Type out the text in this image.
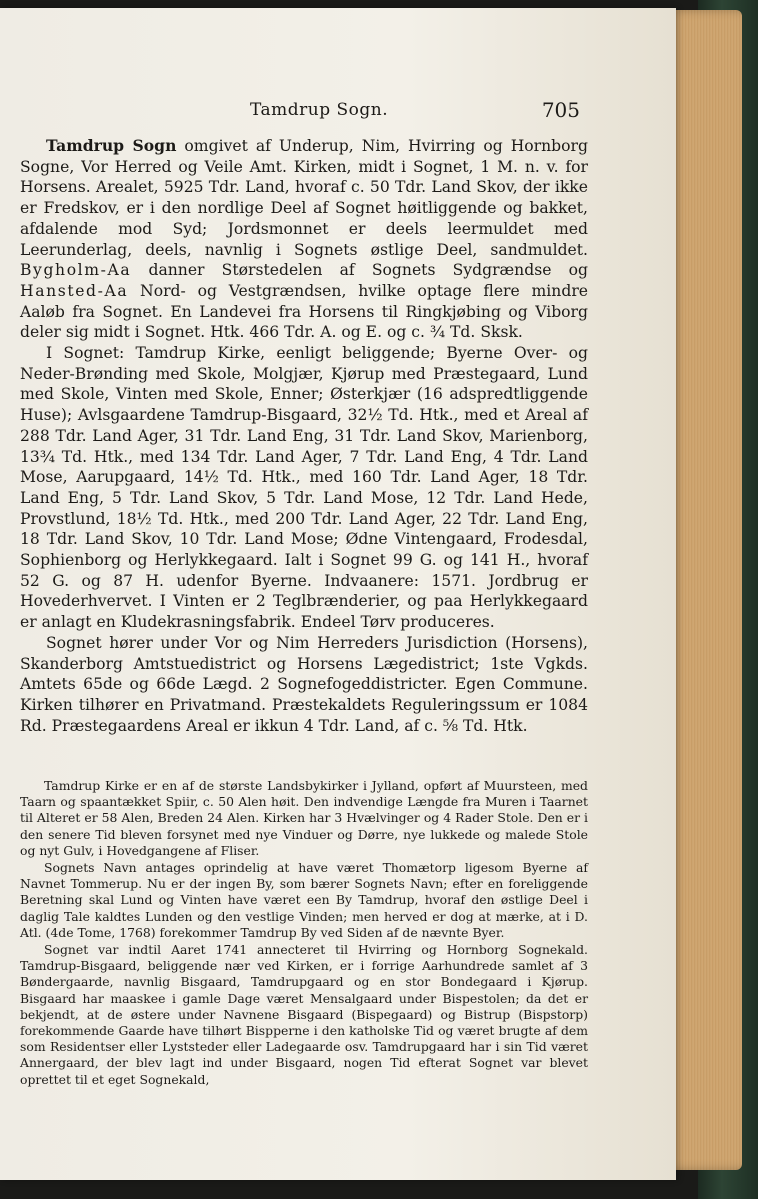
Tamdrup Sogn.	705

Tamdrup Sogn omgivet af Underup, Nim, Hvirring og Hornborg Sogne, Vor Herred og Veile Amt. Kirken, midt i Sognet, 1 M. n. v. for Horsens. Arealet, 5925 Tdr. Land, hvoraf c. 50 Tdr. Land Skov, der ikke er Fredskov, er i den nordlige Deel af Sognet høitliggende og bakket, afdalende mod Syd; Jordsmonnet er deels leermuldet med Leerunderlag, deels, navnlig i Sognets østlige Deel, sandmuldet. Bygholm-Aa danner Størstedelen af Sognets Sydgrændse og Hansted-Aa Nord- og Vestgrændsen, hvilke optage flere mindre Aaløb fra Sognet. En Landevei fra Horsens til Ringkjøbing og Viborg deler sig midt i Sognet. Htk. 466 Tdr. A. og E. og c. ¾ Td. Sksk.

I Sognet: Tamdrup Kirke, eenligt beliggende; Byerne Over- og Neder-Brønding med Skole, Molgjær, Kjørup med Præstegaard, Lund med Skole, Vinten med Skole, Enner; Østerkjær (16 adspredtliggende Huse); Avlsgaardene Tamdrup-Bisgaard, 32½ Td. Htk., med et Areal af 288 Tdr. Land Ager, 31 Tdr. Land Eng, 31 Tdr. Land Skov, Marienborg, 13¾ Td. Htk., med 134 Tdr. Land Ager, 7 Tdr. Land Eng, 4 Tdr. Land Mose, Aarupgaard, 14½ Td. Htk., med 160 Tdr. Land Ager, 18 Tdr. Land Eng, 5 Tdr. Land Skov, 5 Tdr. Land Mose, 12 Tdr. Land Hede, Provstlund, 18½ Td. Htk., med 200 Tdr. Land Ager, 22 Tdr. Land Eng, 18 Tdr. Land Skov, 10 Tdr. Land Mose; Ødne Vintengaard, Frodesdal, Sophienborg og Herlykkegaard. Ialt i Sognet 99 G. og 141 H., hvoraf 52 G. og 87 H. udenfor Byerne. Indvaanere: 1571. Jordbrug er Hovederhvervet. I Vinten er 2 Teglbrænderier, og paa Herlykkegaard er anlagt en Kludekrasningsfabrik. Endeel Tørv produceres.

Sognet hører under Vor og Nim Herreders Jurisdiction (Horsens), Skanderborg Amtstuedistrict og Horsens Lægedistrict; 1ste Vgkds. Amtets 65de og 66de Lægd. 2 Sognefogeddistricter. Egen Commune. Kirken tilhører en Privatmand. Præstekaldets Reguleringssum er 1084 Rd. Præstegaardens Areal er ikkun 4 Tdr. Land, af c. ⅝ Td. Htk.

Tamdrup Kirke er en af de største Landsbykirker i Jylland, opført af Muursteen, med Taarn og spaantækket Spiir, c. 50 Alen høit. Den indvendige Længde fra Muren i Taarnet til Alteret er 58 Alen, Breden 24 Alen. Kirken har 3 Hvælvinger og 4 Rader Stole. Den er i den senere Tid bleven forsynet med nye Vinduer og Dørre, nye lukkede og malede Stole og nyt Gulv, i Hovedgangene af Fliser.

Sognets Navn antages oprindelig at have været Thomætorp ligesom Byerne af Navnet Tommerup. Nu er der ingen By, som bærer Sognets Navn; efter en foreliggende Beretning skal Lund og Vinten have været een By Tamdrup, hvoraf den østlige Deel i daglig Tale kaldtes Lunden og den vestlige Vinden; men herved er dog at mærke, at i D. Atl. (4de Tome, 1768) forekommer Tamdrup By ved Siden af de nævnte Byer.

Sognet var indtil Aaret 1741 annecteret til Hvirring og Hornborg Sognekald. Tamdrup-Bisgaard, beliggende nær ved Kirken, er i forrige Aarhundrede samlet af 3 Bøndergaarde, navnlig Bisgaard, Tamdrupgaard og en stor Bondegaard i Kjørup. Bisgaard har maaskee i gamle Dage været Mensalgaard under Bispestolen; da det er bekjendt, at de østere under Navnene Bisgaard (Bispegaard) og Bistrup (Bispstorp) forekommende Gaarde have tilhørt Bispperne i den katholske Tid og været brugte af dem som Residentser eller Lyststeder eller Ladegaarde osv. Tamdrupgaard har i sin Tid været Annergaard, der blev lagt ind under Bisgaard, nogen Tid efterat Sognet var blevet oprettet til et eget Sognekald,
